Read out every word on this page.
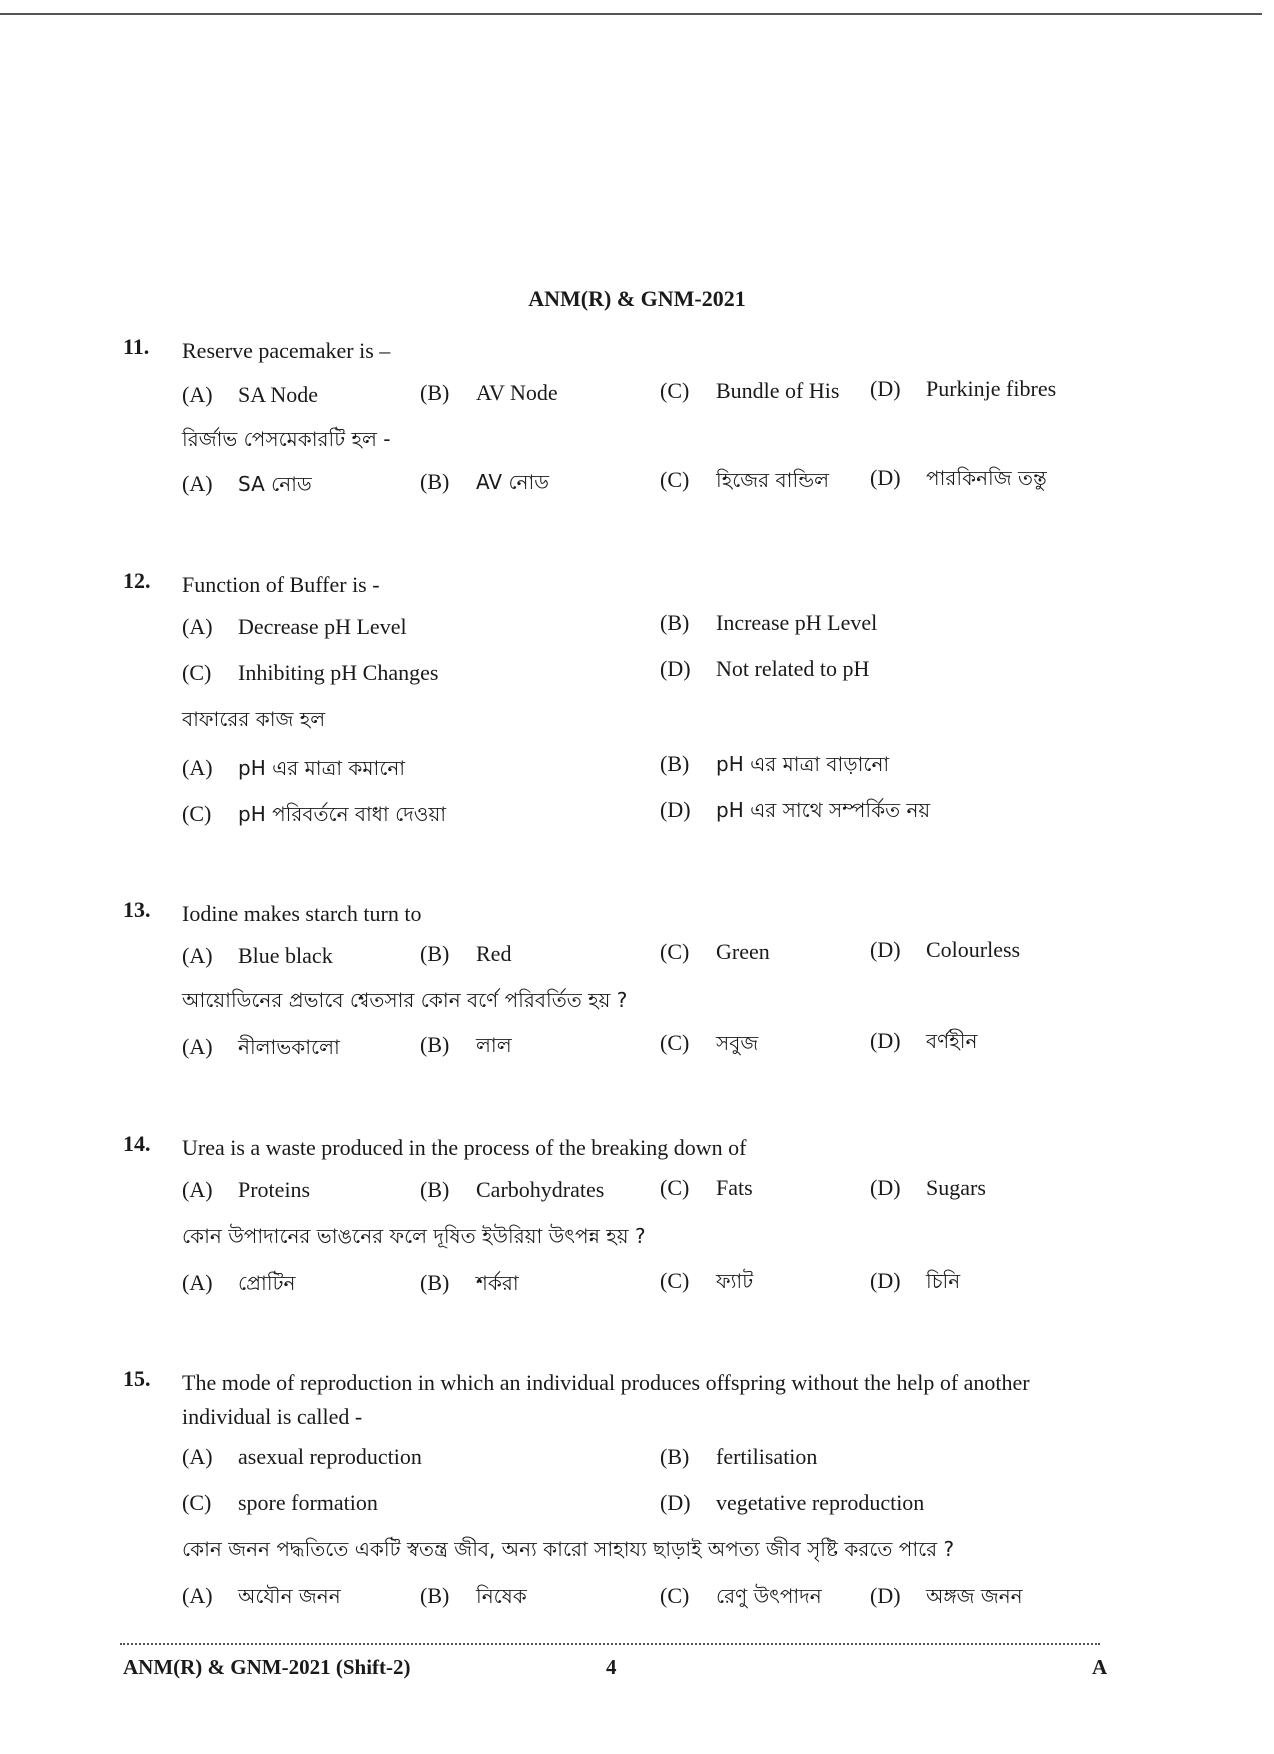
ANM(R) & GNM-2021
11. Reserve pacemaker is –
(A) SA Node	(B) AV Node	(C) Bundle of His (D) Purkinje fibres
রির্জাভ পেসমেকারটি হল -
(A) SA নোড	(B) AV নোড	(C) হিজের বান্ডিল (D) পারকিনজি তন্তু
12. Function of Buffer is -
(A) Decrease pH Level	(B) Increase pH Level
(C) Inhibiting pH Changes	(D) Not related to pH
বাফারের কাজ হল
(A) pH এর মাত্রা কমানো	(B) pH এর মাত্রা বাড়ানো
(C) pH পরিবর্তনে বাধা দেওয়া	(D) pH এর সাথে সম্পর্কিত নয়
13. Iodine makes starch turn to
(A) Blue black	(B) Red	(C) Green	(D) Colourless
আয়োডিনের প্রভাবে শ্বেতসার কোন বর্ণে পরিবর্তিত হয় ?
(A) নীলাভকালো	(B) লাল	(C) সবুজ	(D) বর্ণহীন
14. Urea is a waste produced in the process of the breaking down of
(A) Proteins	(B) Carbohydrates	(C) Fats	(D) Sugars
কোন উপাদানের ভাঙনের ফলে দূষিত ইউরিয়া উৎপন্ন হয় ?
(A) প্রোটিন	(B) শর্করা	(C) ফ্যাট	(D) চিনি
15. The mode of reproduction in which an individual produces offspring without the help of another individual is called -
(A) asexual reproduction	(B) fertilisation
(C) spore formation	(D) vegetative reproduction
কোন জনন পদ্ধতিতে একটি স্বতন্ত্র জীব, অন্য কারো সাহায্য ছাড়াই অপত্য জীব সৃষ্টি করতে পারে ?
(A) অযৌন জনন	(B) নিষেক	(C) রেণু উৎপাদন (D) অঙ্গজ জনন
ANM(R) & GNM-2021 (Shift-2)	4	A
